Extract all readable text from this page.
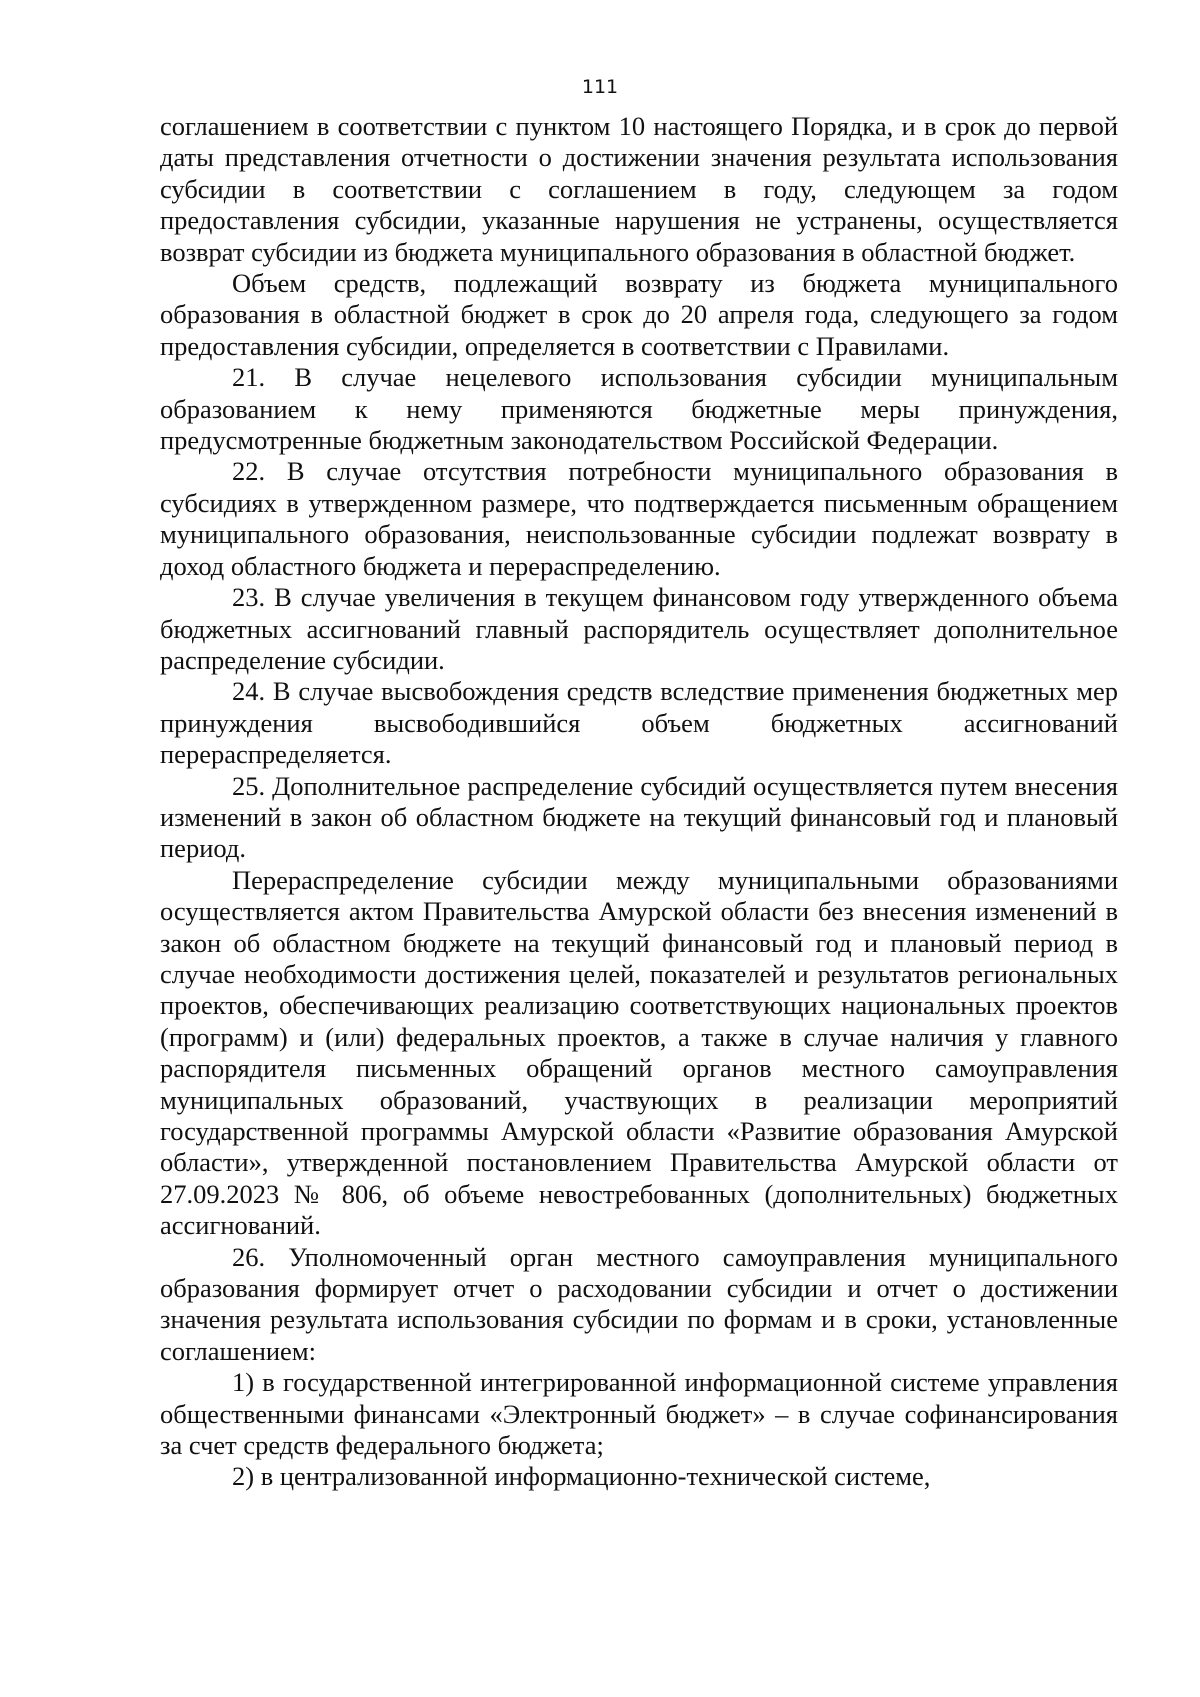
111

соглашением в соответствии с пунктом 10 настоящего Порядка, и в срок до первой даты представления отчетности о достижении значения результата использования субсидии в соответствии с соглашением в году, следующем за годом предоставления субсидии, указанные нарушения не устранены, осуществляется возврат субсидии из бюджета муниципального образования в областной бюджет.

Объем средств, подлежащий возврату из бюджета муниципального образования в областной бюджет в срок до 20 апреля года, следующего за годом предоставления субсидии, определяется в соответствии с Правилами.

21. В случае нецелевого использования субсидии муниципальным образованием к нему применяются бюджетные меры принуждения, предусмотренные бюджетным законодательством Российской Федерации.

22. В случае отсутствия потребности муниципального образования в субсидиях в утвержденном размере, что подтверждается письменным обращением муниципального образования, неиспользованные субсидии подлежат возврату в доход областного бюджета и перераспределению.

23. В случае увеличения в текущем финансовом году утвержденного объема бюджетных ассигнований главный распорядитель осуществляет дополнительное распределение субсидии.

24. В случае высвобождения средств вследствие применения бюджетных мер принуждения высвободившийся объем бюджетных ассигнований перераспределяется.

25. Дополнительное распределение субсидий осуществляется путем внесения изменений в закон об областном бюджете на текущий финансовый год и плановый период.

Перераспределение субсидии между муниципальными образованиями осуществляется актом Правительства Амурской области без внесения изменений в закон об областном бюджете на текущий финансовый год и плановый период в случае необходимости достижения целей, показателей и результатов региональных проектов, обеспечивающих реализацию соответствующих национальных проектов (программ) и (или) федеральных проектов, а также в случае наличия у главного распорядителя письменных обращений органов местного самоуправления муниципальных образований, участвующих в реализации мероприятий государственной программы Амурской области «Развитие образования Амурской области», утвержденной постановлением Правительства Амурской области от 27.09.2023 № 806, об объеме невостребованных (дополнительных) бюджетных ассигнований.

26. Уполномоченный орган местного самоуправления муниципального образования формирует отчет о расходовании субсидии и отчет о достижении значения результата использования субсидии по формам и в сроки, установленные соглашением:

1) в государственной интегрированной информационной системе управления общественными финансами «Электронный бюджет» – в случае софинансирования за счет средств федерального бюджета;

2) в централизованной информационно-технической системе,
